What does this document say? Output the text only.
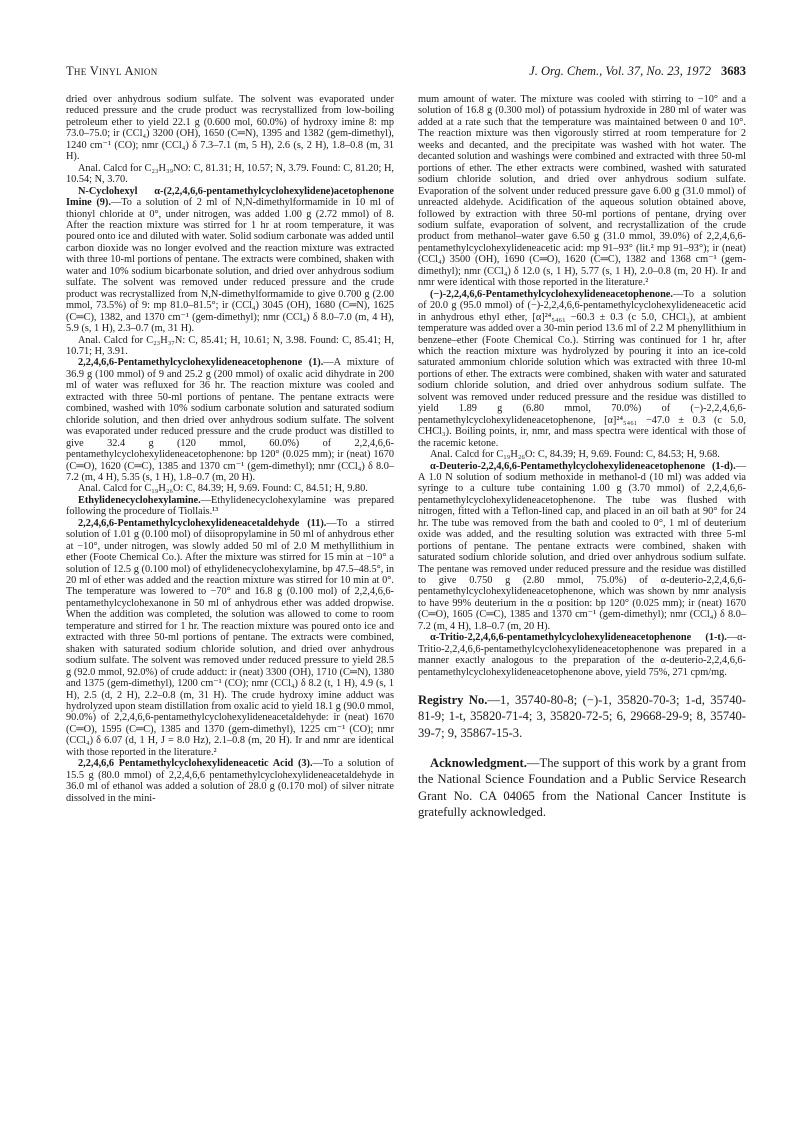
The Vinyl Anion	J. Org. Chem., Vol. 37, No. 23, 1972 3683

dried over anhydrous sodium sulfate. The solvent was evaporated under reduced pressure and the crude product was recrystallized from low-boiling petroleum ether to yield 22.1 g (0.600 mol, 60.0%) of hydroxy imine 8: mp 73.0–75.0; ir (CCl₄) 3200 (OH), 1650 (C═N), 1395 and 1382 (gem-dimethyl), 1240 cm⁻¹ (CO); nmr (CCl₄) δ 7.3–7.1 (m, 5 H), 2.6 (s, 2 H), 1.8–0.8 (m, 31 H).

Anal. Calcd for C₂₃H₃₉NO: C, 81.31; H, 10.57; N, 3.79. Found: C, 81.20; H, 10.54; N, 3.70.

N-Cyclohexyl α-(2,2,4,6,6-pentamethylcyclohexylidene)acetophenone Imine (9).—To a solution of 2 ml of N,N-dimethylformamide in 10 ml of thionyl chloride at 0°, under nitrogen, was added 1.00 g (2.72 mmol) of 8. After the reaction mixture was stirred for 1 hr at room temperature, it was poured onto ice and diluted with water. Solid sodium carbonate was added until carbon dioxide was no longer evolved and the reaction mixture was extracted with three 10-ml portions of pentane. The extracts were combined, shaken with water and 10% sodium bicarbonate solution, and dried over anhydrous sodium sulfate. The solvent was removed under reduced pressure and the crude product was recrystallized from N,N-dimethylformamide to give 0.700 g (2.00 mmol, 73.5%) of 9: mp 81.0–81.5°; ir (CCl₄) 3045 (OH), 1680 (C═N), 1625 (C═C), 1382, and 1370 cm⁻¹ (gem-dimethyl); nmr (CCl₄) δ 8.0–7.0 (m, 4 H), 5.9 (s, 1 H), 2.3–0.7 (m, 31 H).

Anal. Calcd for C₂₃H₃₇N: C, 85.41; H, 10.61; N, 3.98. Found: C, 85.41; H, 10.71; H, 3.91.

2,2,4,6,6-Pentamethylcyclohexylideneacetophenone (1).—A mixture of 36.9 g (100 mmol) of 9 and 25.2 g (200 mmol) of oxalic acid dihydrate in 200 ml of water was refluxed for 36 hr. The reaction mixture was cooled and extracted with three 50-ml portions of pentane. The pentane extracts were combined, washed with 10% sodium carbonate solution and saturated sodium chloride solution, and then dried over anhydrous sodium sulfate. The solvent was evaporated under reduced pressure and the crude product was distilled to give 32.4 g (120 mmol, 60.0%) of 2,2,4,6,6-pentamethylcyclohexylideneacetophenone: bp 120° (0.025 mm); ir (neat) 1670 (C═O), 1620 (C═C), 1385 and 1370 cm⁻¹ (gem-dimethyl); nmr (CCl₄) δ 8.0–7.2 (m, 4 H), 5.35 (s, 1 H), 1.8–0.7 (m, 20 H).

Anal. Calcd for C₁₉H₂₆O: C, 84.39; H, 9.69. Found: C, 84.51; H, 9.80.

Ethylidenecyclohexylamine.—Ethylidenecyclohexylamine was prepared following the procedure of Tiollais.¹³

2,2,4,6,6-Pentamethylcyclohexylideneacetaldehyde (11).—To a stirred solution of 1.01 g (0.100 mol) of diisopropylamine in 50 ml of anhydrous ether at −10°, under nitrogen, was slowly added 50 ml of 2.0 M methyllithium in ether (Foote Chemical Co.). After the mixture was stirred for 15 min at −10° a solution of 12.5 g (0.100 mol) of ethylidenecyclohexylamine, bp 47.5–48.5°, in 20 ml of ether was added and the reaction mixture was stirred for 10 min at 0°. The temperature was lowered to −70° and 16.8 g (0.100 mol) of 2,2,4,6,6-pentamethylcyclohexanone in 50 ml of anhydrous ether was added dropwise. When the addition was completed, the solution was allowed to come to room temperature and stirred for 1 hr. The reaction mixture was poured onto ice and extracted with three 50-ml portions of pentane. The extracts were combined, shaken with saturated sodium chloride solution, and dried over anhydrous sodium sulfate. The solvent was removed under reduced pressure to yield 28.5 g (92.0 mmol, 92.0%) of crude adduct: ir (neat) 3300 (OH), 1710 (C═N), 1380 and 1375 (gem-dimethyl), 1200 cm⁻¹ (CO); nmr (CCl₄) δ 8.2 (t, 1 H), 4.9 (s, 1 H), 2.5 (d, 2 H), 2.2–0.8 (m, 31 H). The crude hydroxy imine adduct was hydrolyzed upon steam distillation from oxalic acid to yield 18.1 g (90.0 mmol, 90.0%) of 2,2,4,6,6-pentamethylcyclohexylideneacetaldehyde: ir (neat) 1670 (C═O), 1595 (C═C), 1385 and 1370 (gem-dimethyl), 1225 cm⁻¹ (CO); nmr (CCl₄) δ 6.07 (d, 1 H, J = 8.0 Hz), 2.1–0.8 (m, 20 H). Ir and nmr are identical with those reported in the literature.²

2,2,4,6,6 Pentamethylcyclohexylideneacetic Acid (3).—To a solution of 15.5 g (80.0 mmol) of 2,2,4,6,6 pentamethylcyclohexylideneacetaldehyde in 36.0 ml of ethanol was added a solution of 28.0 g (0.170 mol) of silver nitrate dissolved in the mini-

mum amount of water. The mixture was cooled with stirring to −10° and a solution of 16.8 g (0.300 mol) of potassium hydroxide in 280 ml of water was added at a rate such that the temperature was maintained between 0 and 10°. The reaction mixture was then vigorously stirred at room temperature for 2 weeks and decanted, and the precipitate was washed with hot water. The decanted solution and washings were combined and extracted with three 50-ml portions of ether. The ether extracts were combined, washed with saturated sodium chloride solution, and dried over anhydrous sodium sulfate. Evaporation of the solvent under reduced pressure gave 6.00 g (31.0 mmol) of unreacted aldehyde. Acidification of the aqueous solution obtained above, followed by extraction with three 50-ml portions of pentane, drying over sodium sulfate, evaporation of solvent, and recrystallization of the crude product from methanol–water gave 6.50 g (31.0 mmol, 39.0%) of 2,2,4,6,6-pentamethylcyclohexylideneacetic acid: mp 91–93° (lit.² mp 91–93°); ir (neat) (CCl₄) 3500 (OH), 1690 (C═O), 1620 (C═C), 1382 and 1368 cm⁻¹ (gem-dimethyl); nmr (CCl₄) δ 12.0 (s, 1 H), 5.77 (s, 1 H), 2.0–0.8 (m, 20 H). Ir and nmr were identical with those reported in the literature.²

(−)-2,2,4,6,6-Pentamethylcyclohexylideneacetophenone.—To a solution of 20.0 g (95.0 mmol) of (−)-2,2,4,6,6-pentamethylcyclohexylideneacetic acid in anhydrous ethyl ether, [α]²⁴₅₄₆₁ −60.3 ± 0.3 (c 5.0, CHCl₃), at ambient temperature was added over a 30-min period 13.6 ml of 2.2 M phenyllithium in benzene–ether (Foote Chemical Co.). Stirring was continued for 1 hr, after which the reaction mixture was hydrolyzed by pouring it into an ice-cold saturated ammonium chloride solution which was extracted with three 10-ml portions of ether. The extracts were combined, shaken with water and saturated sodium chloride solution, and dried over anhydrous sodium sulfate. The solvent was removed under reduced pressure and the residue was distilled to yield 1.89 g (6.80 mmol, 70.0%) of (−)-2,2,4,6,6-pentamethylcyclohexylideneacetophenone, [α]²⁴₅₄₆₁ −47.0 ± 0.3 (c 5.0, CHCl₃). Boiling points, ir, nmr, and mass spectra were identical with those of the racemic ketone.

Anal. Calcd for C₁₉H₂₆O: C, 84.39; H, 9.69. Found: C, 84.53; H, 9.68.

α-Deuterio-2,2,4,6,6-Pentamethylcyclohexylideneacetophenone (1-d).—A 1.0 N solution of sodium methoxide in methanol-d (10 ml) was added via syringe to a culture tube containing 1.00 g (3.70 mmol) of 2,2,4,6,6-pentamethylcyclohexylideneacetophenone. The tube was flushed with nitrogen, fitted with a Teflon-lined cap, and placed in an oil bath at 90° for 24 hr. The tube was removed from the bath and cooled to 0°, 1 ml of deuterium oxide was added, and the resulting solution was extracted with three 5-ml portions of pentane. The pentane extracts were combined, shaken with saturated sodium chloride solution, and dried over anhydrous sodium sulfate. The pentane was removed under reduced pressure and the residue was distilled to give 0.750 g (2.80 mmol, 75.0%) of α-deuterio-2,2,4,6,6-pentamethylcyclohexylideneacetophenone, which was shown by nmr analysis to have 99% deuterium in the α position: bp 120° (0.025 mm); ir (neat) 1670 (C═O), 1605 (C═C), 1385 and 1370 cm⁻¹ (gem-dimethyl); nmr (CCl₄) δ 8.0–7.2 (m, 4 H), 1.8–0.7 (m, 20 H).

α-Tritio-2,2,4,6,6-pentamethylcyclohexylideneacetophenone (1-t).—α-Tritio-2,2,4,6,6-pentamethylcyclohexylideneacetophenone was prepared in a manner exactly analogous to the preparation of the α-deuterio-2,2,4,6,6-pentamethylcyclohexylideneacetophenone above, yield 75%, 271 cpm/mg.

Registry No.—1, 35740-80-8; (−)-1, 35820-70-3; 1-d, 35740-81-9; 1-t, 35820-71-4; 3, 35820-72-5; 6, 29668-29-9; 8, 35740-39-7; 9, 35867-15-3.

Acknowledgment.—The support of this work by a grant from the National Science Foundation and a Public Service Research Grant No. CA 04065 from the National Cancer Institute is gratefully acknowledged.
